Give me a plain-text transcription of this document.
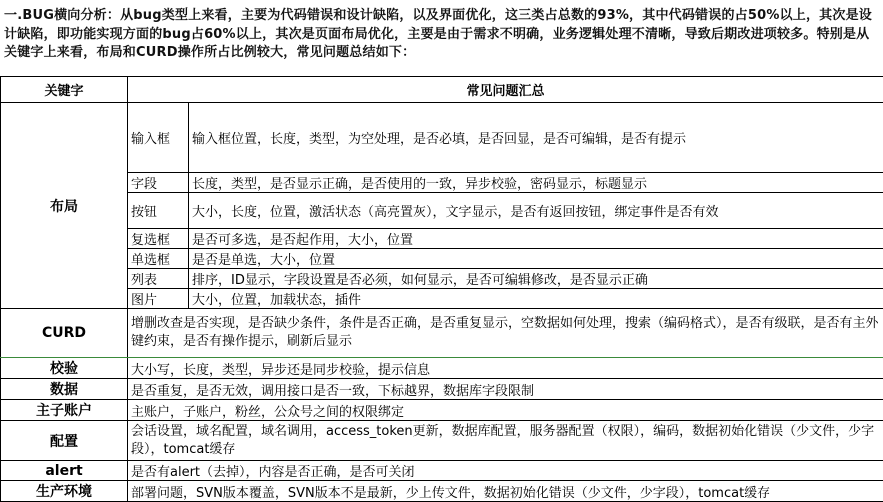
一.BUG横向分析：从bug类型上来看，主要为代码错误和设计缺陷，以及界面优化，这三类占总数的93%，其中代码错误的占50%以上，其次是设计缺陷，即功能实现方面的bug占60%以上，其次是页面布局优化，主要是由于需求不明确，业务逻辑处理不清晰，导致后期改进项较多。特别是从关键字上来看，布局和CURD操作所占比例较大，常见问题总结如下：

关键字	常见问题汇总	
布局	输入框	输入框位置，长度，类型，为空处理，是否必填，是否回显，是否可编辑，是否有提示
	字段	长度，类型，是否显示正确，是否使用的一致，异步校验，密码显示，标题显示
	按钮	大小，长度，位置，激活状态（高亮置灰），文字显示，是否有返回按钮，绑定事件是否有效
	复选框	是否可多选，是否起作用，大小，位置
	单选框	是否是单选，大小，位置
	列表	排序，ID显示，字段设置是否必须，如何显示，是否可编辑修改，是否显示正确
	图片	大小，位置，加载状态，插件
CURD	增删改查是否实现，是否缺少条件，条件是否正确，是否重复显示，空数据如何处理，搜索（编码格式），是否有级联，是否有主外键约束，是否有操作提示，刷新后显示	
校验	大小写，长度，类型，异步还是同步校验，提示信息	
数据	是否重复，是否无效，调用接口是否一致，下标越界，数据库字段限制	
主子账户	主账户，子账户，粉丝，公众号之间的权限绑定	
配置	会话设置，域名配置，域名调用，access_token更新，数据库配置，服务器配置（权限），编码，数据初始化错误（少文件，少字段），tomcat缓存	
alert	是否有alert（去掉），内容是否正确，是否可关闭	
生产环境	部署问题，SVN版本覆盖，SVN版本不是最新，少上传文件，数据初始化错误（少文件，少字段），tomcat缓存	
